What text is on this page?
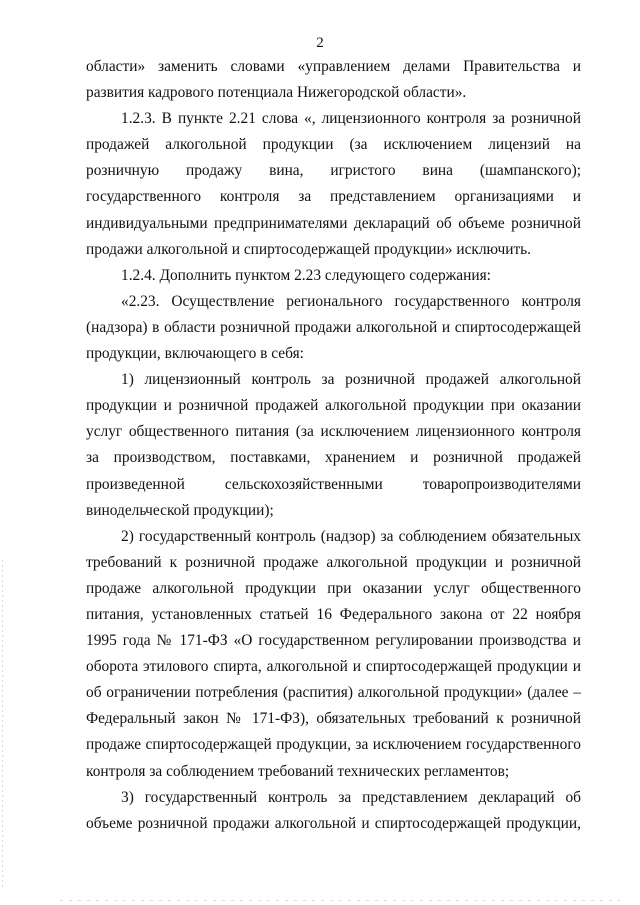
2

области» заменить словами «управлением делами Правительства и развития кадрового потенциала Нижегородской области».

1.2.3. В пункте 2.21 слова «, лицензионного контроля за розничной продажей алкогольной продукции (за исключением лицензий на розничную продажу вина, игристого вина (шампанского); государственного контроля за представлением организациями и индивидуальными предпринимателями деклараций об объеме розничной продажи алкогольной и спиртосодержащей продукции» исключить.

1.2.4. Дополнить пунктом 2.23 следующего содержания:

«2.23. Осуществление регионального государственного контроля (надзора) в области розничной продажи алкогольной и спиртосодержащей продукции, включающего в себя:

1) лицензионный контроль за розничной продажей алкогольной продукции и розничной продажей алкогольной продукции при оказании услуг общественного питания (за исключением лицензионного контроля за производством, поставками, хранением и розничной продажей произведенной сельскохозяйственными товаропроизводителями винодельческой продукции);

2) государственный контроль (надзор) за соблюдением обязательных требований к розничной продаже алкогольной продукции и розничной продаже алкогольной продукции при оказании услуг общественного питания, установленных статьей 16 Федерального закона от 22 ноября 1995 года № 171-ФЗ «О государственном регулировании производства и оборота этилового спирта, алкогольной и спиртосодержащей продукции и об ограничении потребления (распития) алкогольной продукции» (далее – Федеральный закон № 171-ФЗ), обязательных требований к розничной продаже спиртосодержащей продукции, за исключением государственного контроля за соблюдением требований технических регламентов;

3) государственный контроль за представлением деклараций об объеме розничной продажи алкогольной и спиртосодержащей продукции,
